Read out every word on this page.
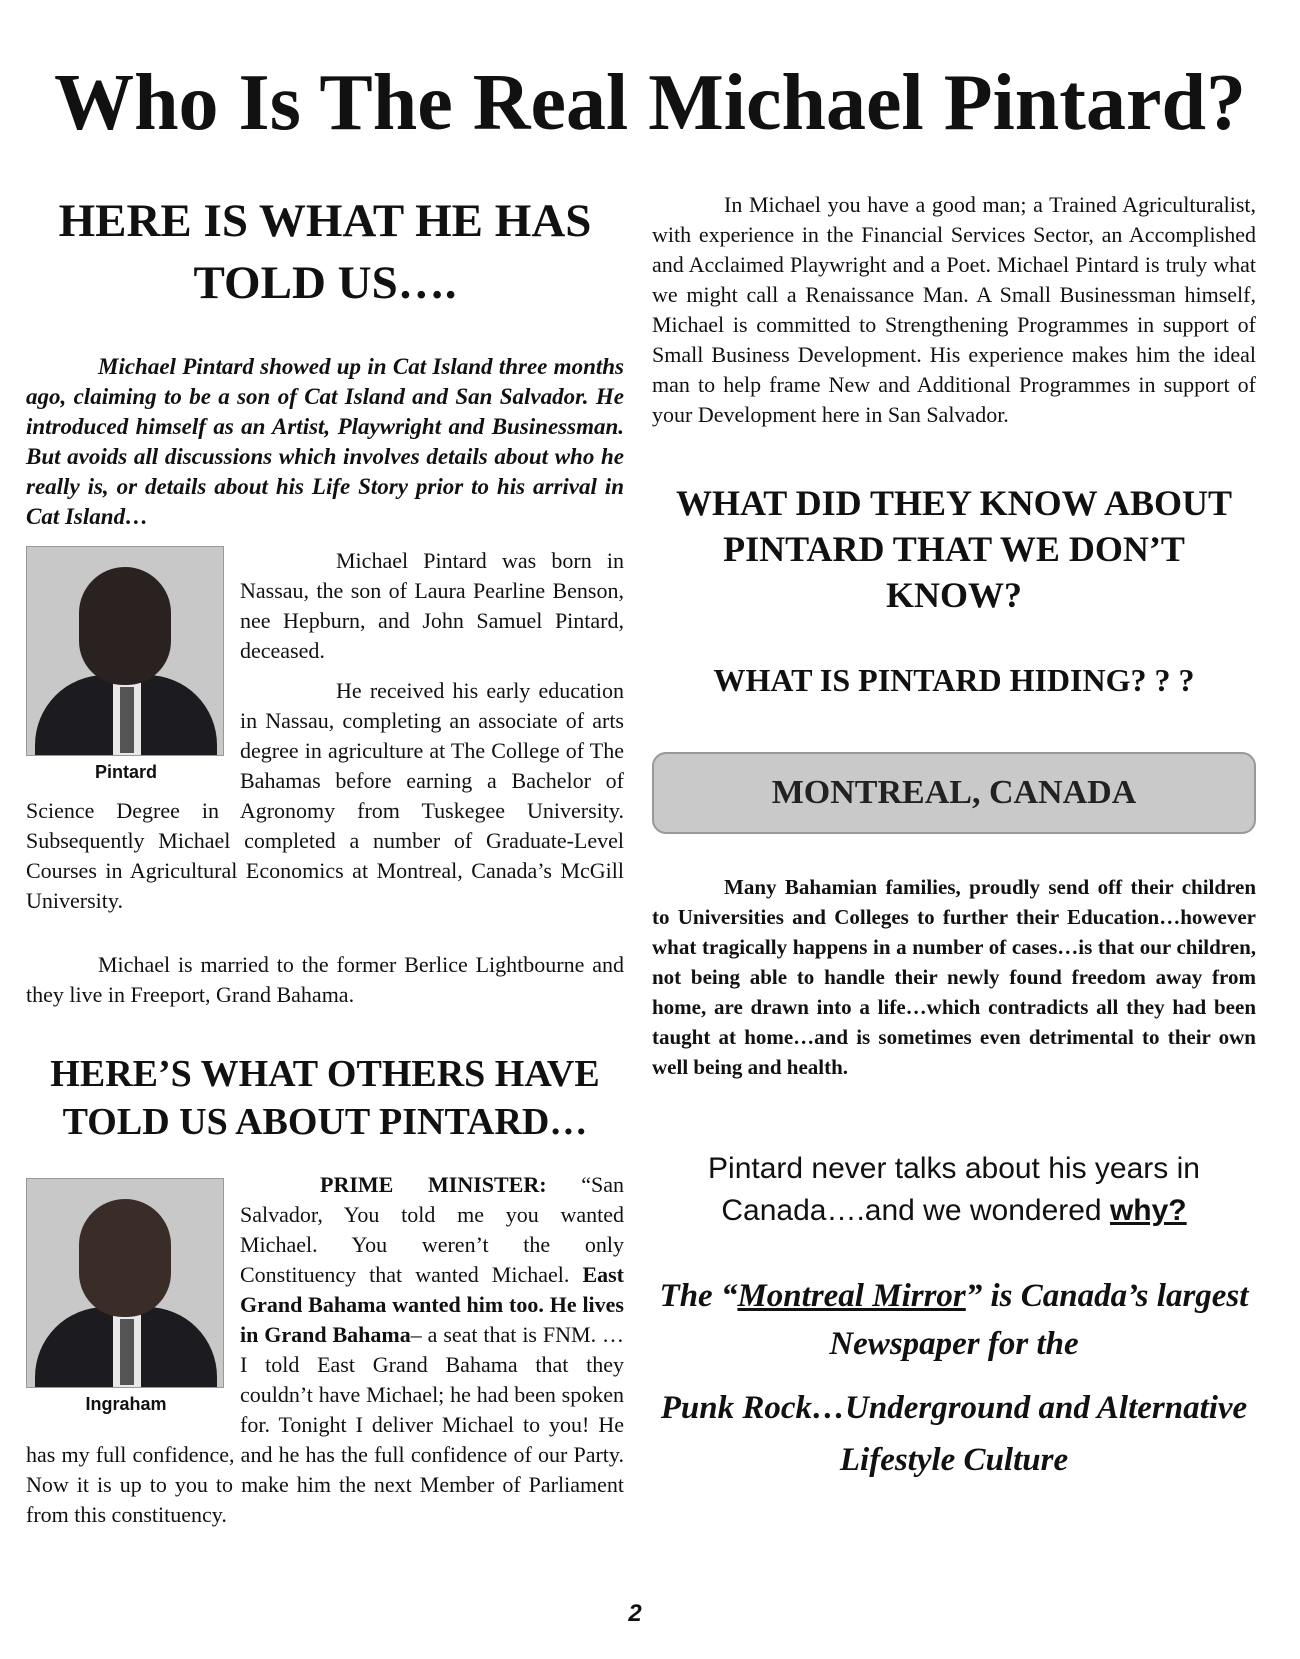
Who Is The Real Michael Pintard?
HERE IS WHAT HE HAS TOLD US….

Michael Pintard showed up in Cat Island three months ago, claiming to be a son of Cat Island and San Salvador. He introduced himself as an Artist, Playwright and Businessman. But avoids all discussions which involves details about who he really is, or details about his Life Story prior to his arrival in Cat Island…

Pintard

Michael Pintard was born in Nassau, the son of Laura Pearline Benson, nee Hepburn, and John Samuel Pintard, deceased.

He received his early education in Nassau, completing an associate of arts degree in agriculture at The College of The Bahamas before earning a Bachelor of Science Degree in Agronomy from Tuskegee University. Subsequently Michael completed a number of Graduate-Level Courses in Agricultural Economics at Montreal, Canada’s McGill University.

Michael is married to the former Berlice Lightbourne and they live in Freeport, Grand Bahama.

HERE’S WHAT OTHERS HAVE TOLD US ABOUT PINTARD…
Ingraham

PRIME MINISTER: “San Salvador, You told me you wanted Michael. You weren’t the only Constituency that wanted Michael. East Grand Bahama wanted him too. He lives in Grand Bahama– a seat that is FNM. …I told East Grand Bahama that they couldn’t have Michael; he had been spoken for. Tonight I deliver Michael to you! He has my full confidence, and he has the full confidence of our Party. Now it is up to you to make him the next Member of Parliament from this constituency.

In Michael you have a good man; a Trained Agriculturalist, with experience in the Financial Services Sector, an Accomplished and Acclaimed Playwright and a Poet. Michael Pintard is truly what we might call a Renaissance Man. A Small Businessman himself, Michael is committed to Strengthening Programmes in support of Small Business Development. His experience makes him the ideal man to help frame New and Additional Programmes in support of your Development here in San Salvador.

WHAT DID THEY KNOW ABOUT PINTARD THAT WE DON’T KNOW?
WHAT IS PINTARD HIDING? ? ?
MONTREAL, CANADA

Many Bahamian families, proudly send off their children to Universities and Colleges to further their Education…however what tragically happens in a number of cases…is that our children, not being able to handle their newly found freedom away from home, are drawn into a life…which contradicts all they had been taught at home…and is sometimes even detrimental to their own well being and health.

Pintard never talks about his years in Canada….and we wondered why?

The “Montreal Mirror” is Canada’s largest Newspaper for the

Punk Rock…Underground and Alternative Lifestyle Culture

2
